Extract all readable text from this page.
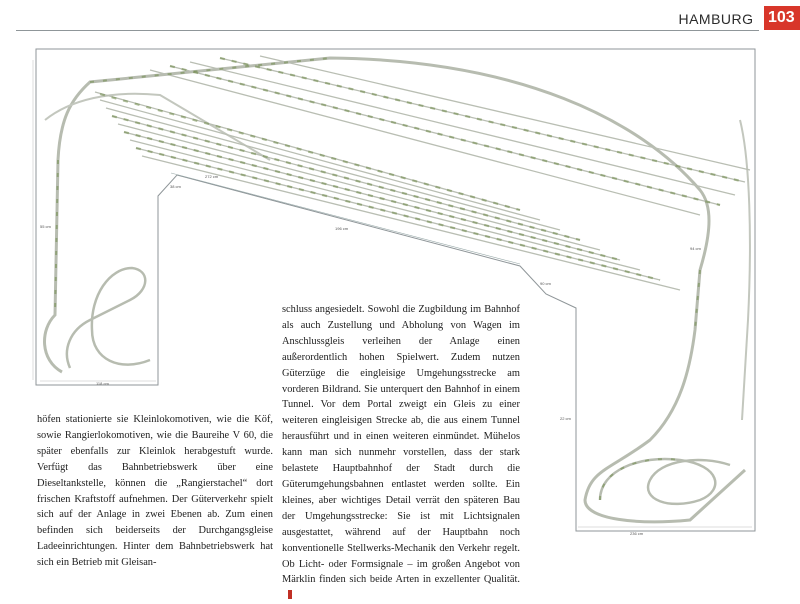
HAMBURG 103
272 cm
196 cm
118 cm
236 cm
55 cm
38 cm
90 cm
94 cm
22 cm
höfen stationierte sie Kleinlokomotiven, wie die Köf, sowie Rangierlokomotiven, wie die Baureihe V 60, die später ebenfalls zur Kleinlok herabgestuft wurde. Verfügt das Bahnbetriebswerk über eine Dieseltankstelle, können die „Rangierstachel“ dort frischen Kraftstoff aufnehmen. Der Güterverkehr spielt sich auf der Anlage in zwei Ebenen ab. Zum einen befinden sich beiderseits der Durchgangsgleise Ladeeinrichtungen. Hinter dem Bahnbetriebswerk hat sich ein Betrieb mit Gleisan-
schluss angesiedelt. Sowohl die Zugbildung im Bahnhof als auch Zustellung und Abholung von Wagen im Anschlussgleis verleihen der Anlage einen außerordentlich hohen Spielwert. Zudem nutzen Güterzüge die eingleisige Umgehungsstrecke am vorderen Bildrand. Sie unterquert den Bahnhof in einem Tunnel. Vor dem Portal zweigt ein Gleis zu einer weiteren eingleisigen Strecke ab, die aus einem Tunnel herausführt und in einen weiteren einmündet. Mühelos kann man sich nunmehr vorstellen, dass der stark belastete Hauptbahnhof der Stadt durch die Güterumgehungsbahnen entlastet werden sollte. Ein kleines, aber wichtiges Detail verrät den späteren Bau der Umgehungsstrecke: Sie ist mit Lichtsignalen ausgestattet, während auf der Hauptbahn noch konventionelle Stellwerks-Mechanik den Verkehr regelt. Ob Licht- oder Formsignale – im großen Angebot von Märklin finden sich beide Arten in exzellenter Qualität.
